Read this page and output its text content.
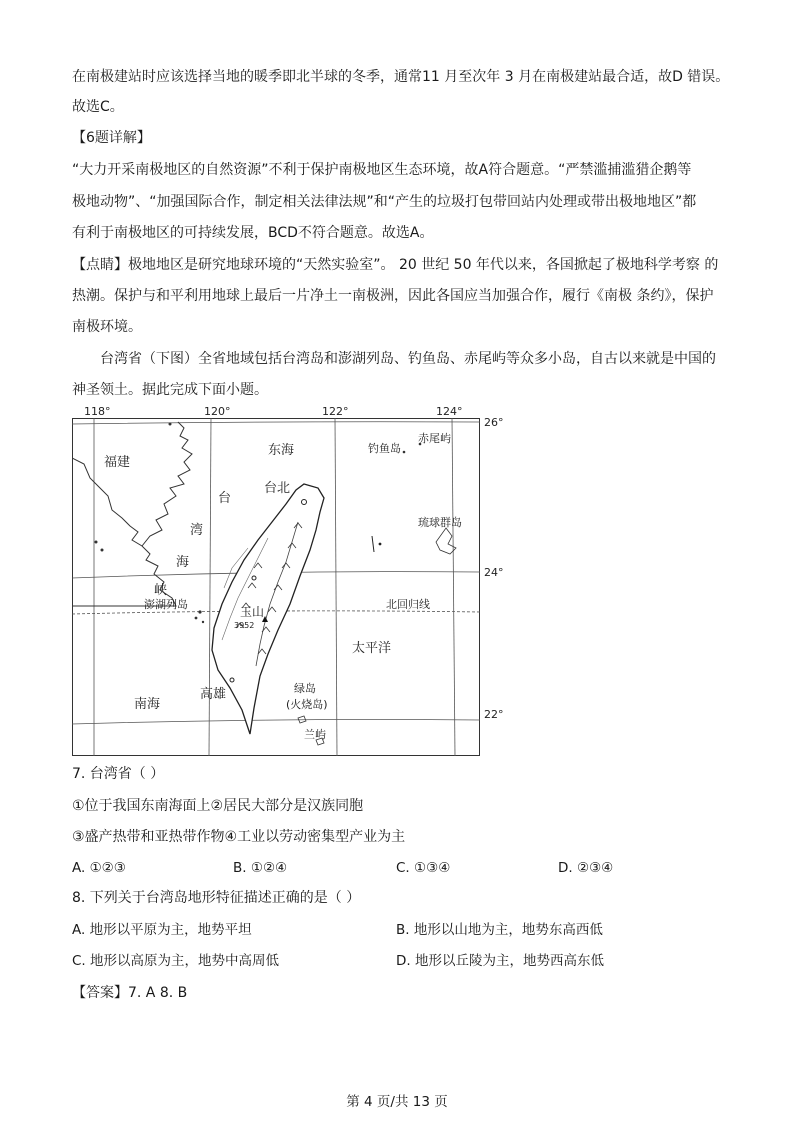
在南极建站时应该选择当地的暖季即北半球的冬季，通常11 月至次年 3 月在南极建站最合适，故D 错误。
故选C。
【6题详解】
“大力开采南极地区的自然资源”不利于保护南极地区生态环境，故A符合题意。“严禁滥捕滥猎企鹅等
极地动物”、“加强国际合作，制定相关法律法规”和“产生的垃圾打包带回站内处理或带出极地地区”都
有利于南极地区的可持续发展，BCD不符合题意。故选A。
【点睛】极地地区是研究地球环境的“天然实验室”。 20 世纪 50 年代以来，各国掀起了极地科学考察 的
热潮。保护与和平利用地球上最后一片净土一南极洲，因此各国应当加强合作，履行《南极 条约》，保护
南极环境。
台湾省（下图）全省地域包括台湾岛和澎湖列岛、钓鱼岛、赤尾屿等众多小岛，自古以来就是中国的
神圣领土。据此完成下面小题。
福建
东海	钓鱼岛
赤尾屿
台
台北
湾
海
峡
琉球群岛
澎湖列岛
玉山
3952
北回归线
太平洋
南海
高雄	绿岛
(火烧岛)
兰屿
26°
24°
22°
7. 台湾省（ ）
①位于我国东南海面上②居民大部分是汉族同胞
③盛产热带和亚热带作物④工业以劳动密集型产业为主
A. ①②③	B. ①②④	C. ①③④	D. ②③④
8. 下列关于台湾岛地形特征描述正确的是（ ）
A. 地形以平原为主，地势平坦	B. 地形以山地为主，地势东高西低
C. 地形以高原为主，地势中高周低	D. 地形以丘陵为主，地势西高东低
【答案】7. A 8. B
第 4 页/共 13 页
118°	120°	122°	124°
